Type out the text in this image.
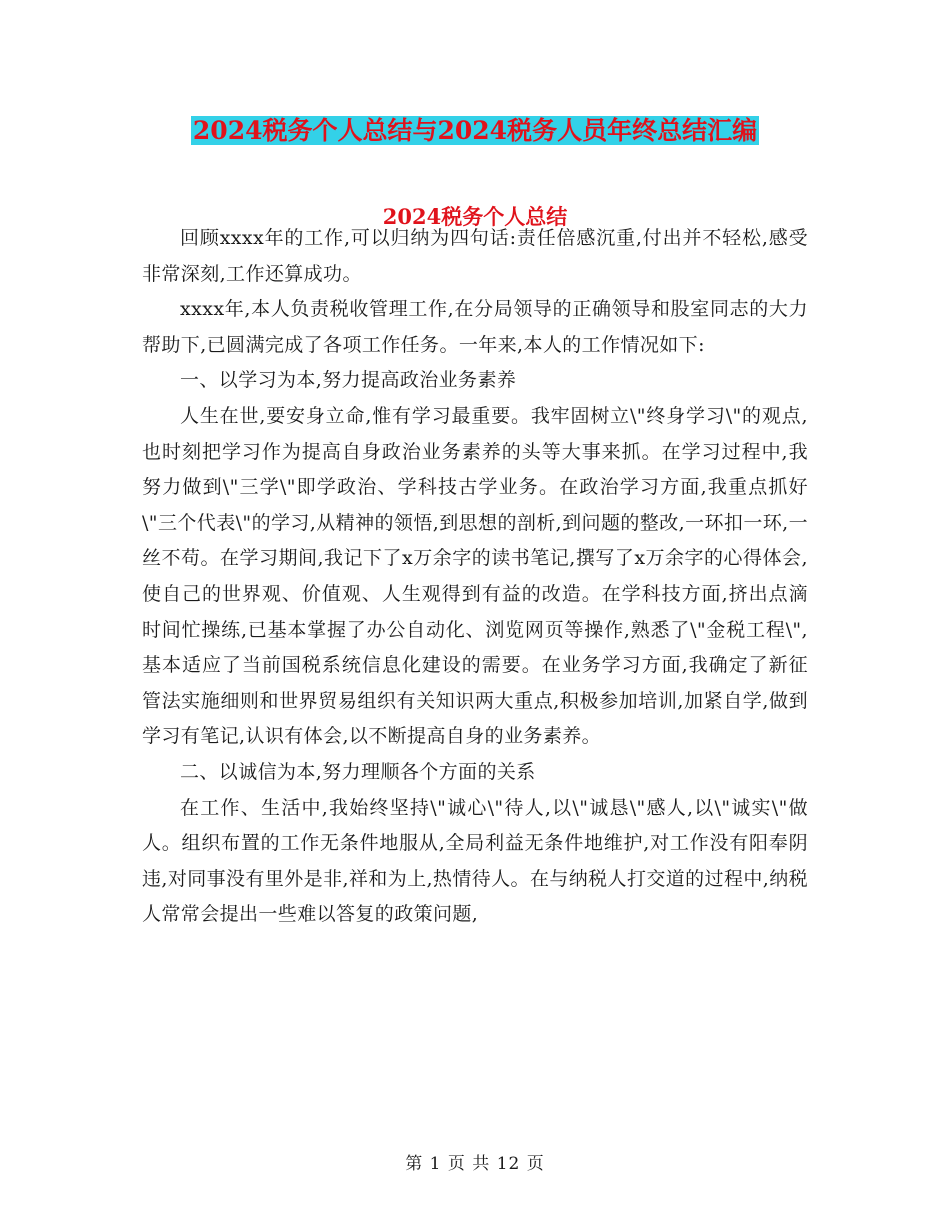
2024税务个人总结与2024税务人员年终总结汇编
2024税务个人总结

回顾xxxx年的工作,可以归纳为四句话:责任倍感沉重,付出并不轻松,感受非常深刻,工作还算成功。

xxxx年,本人负责税收管理工作,在分局领导的正确领导和股室同志的大力帮助下,已圆满完成了各项工作任务。一年来,本人的工作情况如下:

一、以学习为本,努力提高政治业务素养

人生在世,要安身立命,惟有学习最重要。我牢固树立\"终身学习\"的观点,也时刻把学习作为提高自身政治业务素养的头等大事来抓。在学习过程中,我努力做到\"三学\"即学政治、学科技古学业务。在政治学习方面,我重点抓好\"三个代表\"的学习,从精神的领悟,到思想的剖析,到问题的整改,一环扣一环,一丝不苟。在学习期间,我记下了x万余字的读书笔记,撰写了x万余字的心得体会,使自己的世界观、价值观、人生观得到有益的改造。在学科技方面,挤出点滴时间忙操练,已基本掌握了办公自动化、浏览网页等操作,熟悉了\"金税工程\",基本适应了当前国税系统信息化建设的需要。在业务学习方面,我确定了新征管法实施细则和世界贸易组织有关知识两大重点,积极参加培训,加紧自学,做到学习有笔记,认识有体会,以不断提高自身的业务素养。

二、以诚信为本,努力理顺各个方面的关系

在工作、生活中,我始终坚持\"诚心\"待人,以\"诚恳\"感人,以\"诚实\"做人。组织布置的工作无条件地服从,全局利益无条件地维护,对工作没有阳奉阴违,对同事没有里外是非,祥和为上,热情待人。在与纳税人打交道的过程中,纳税人常常会提出一些难以答复的政策问题,

第 1 页 共 12 页
